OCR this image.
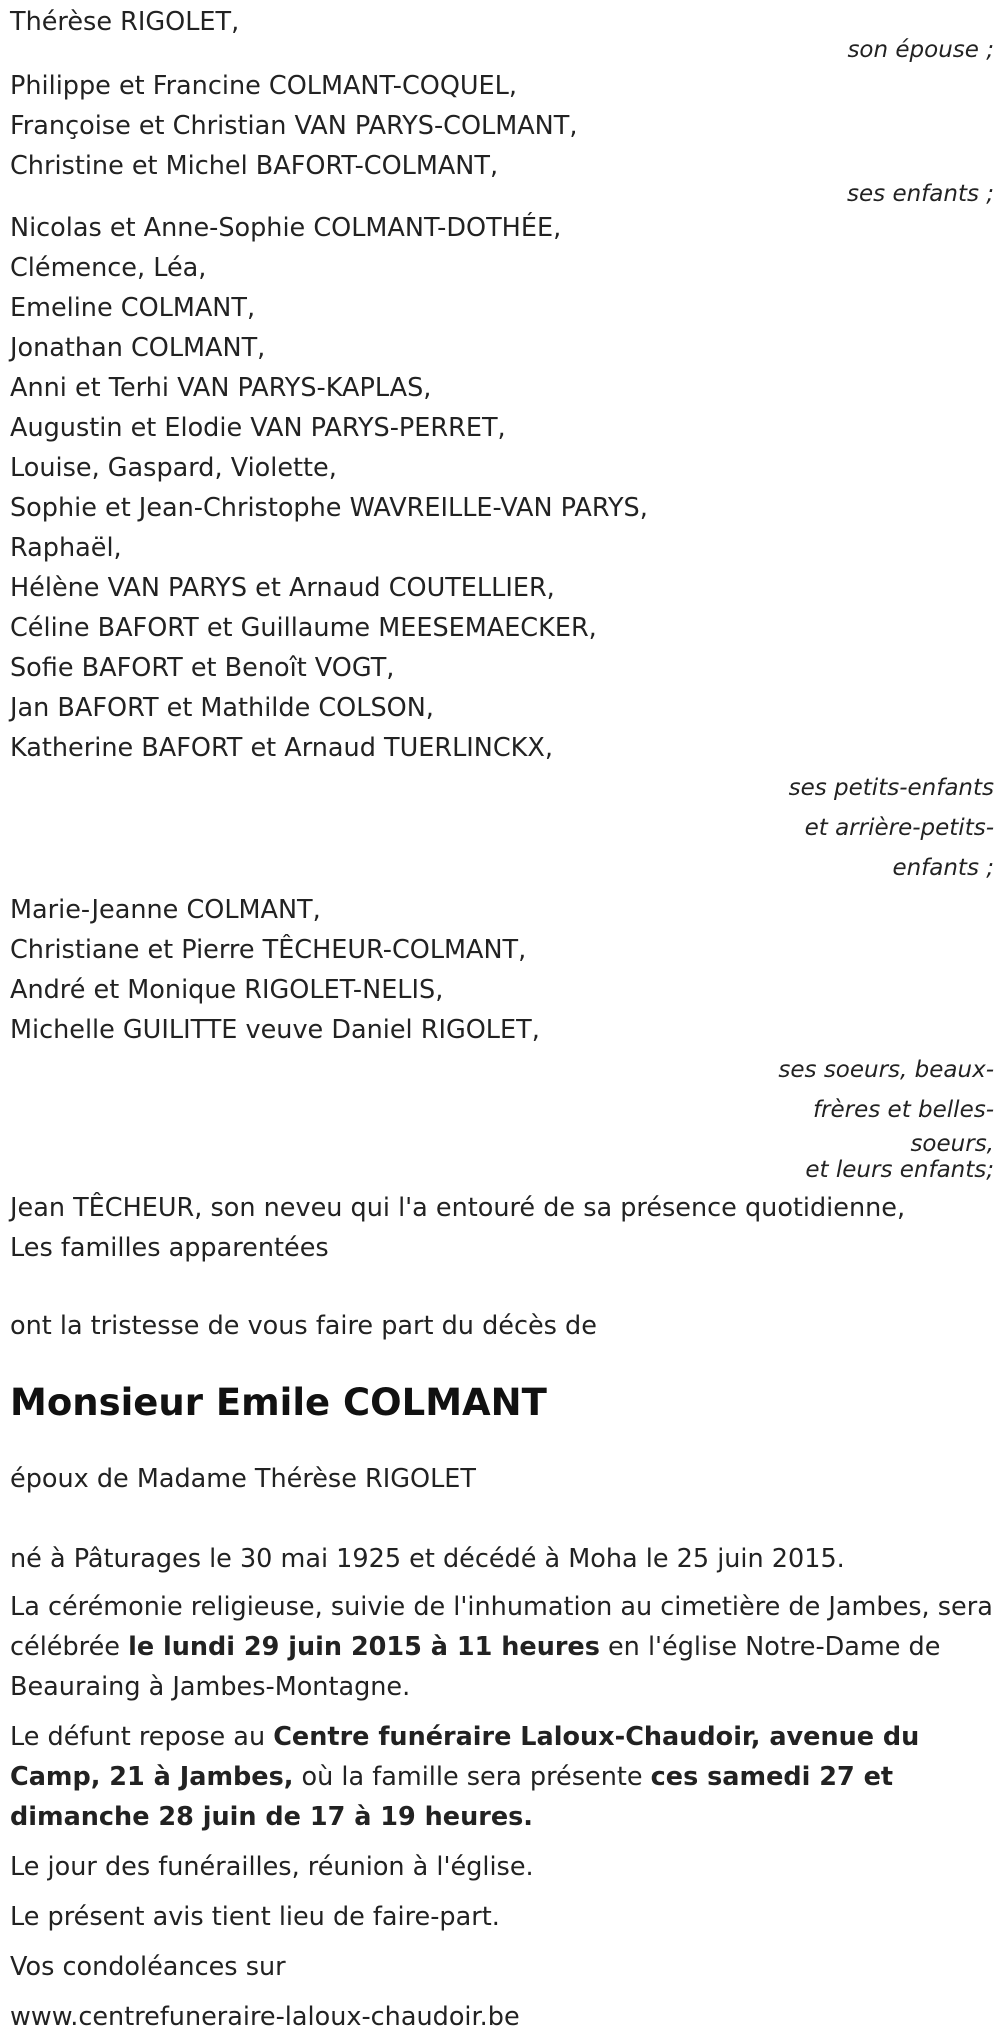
Thérèse RIGOLET,
son épouse ;
Philippe et Francine COLMANT-COQUEL,
Françoise et Christian VAN PARYS-COLMANT,
Christine et Michel BAFORT-COLMANT,
ses enfants ;
Nicolas et Anne-Sophie COLMANT-DOTHÉE,
Clémence, Léa,
Emeline COLMANT,
Jonathan COLMANT,
Anni et Terhi VAN PARYS-KAPLAS,
Augustin et Elodie VAN PARYS-PERRET,
Louise, Gaspard, Violette,
Sophie et Jean-Christophe WAVREILLE-VAN PARYS,
Raphaël,
Hélène VAN PARYS et Arnaud COUTELLIER,
Céline BAFORT et Guillaume MEESEMAECKER,
Sofie BAFORT et Benoît VOGT,
Jan BAFORT et Mathilde COLSON,
Katherine BAFORT et Arnaud TUERLINCKX,
ses petits-enfants
et arrière-petits-
enfants ;
Marie-Jeanne COLMANT,
Christiane et Pierre TÊCHEUR-COLMANT,
André et Monique RIGOLET-NELIS,
Michelle GUILITTE veuve Daniel RIGOLET,
ses soeurs, beaux-
frères et belles-
soeurs,
et leurs enfants;
Jean TÊCHEUR, son neveu qui l'a entouré de sa présence quotidienne,
Les familles apparentées
ont la tristesse de vous faire part du décès de
Monsieur Emile COLMANT
époux de Madame Thérèse RIGOLET
né à Pâturages le 30 mai 1925 et décédé à Moha le 25 juin 2015.
La cérémonie religieuse, suivie de l'inhumation au cimetière de Jambes, sera célébrée le lundi 29 juin 2015 à 11 heures en l'église Notre-Dame de Beauraing à Jambes-Montagne.
Le défunt repose au Centre funéraire Laloux-Chaudoir, avenue du Camp, 21 à Jambes, où la famille sera présente ces samedi 27 et dimanche 28 juin de 17 à 19 heures.
Le jour des funérailles, réunion à l'église.
Le présent avis tient lieu de faire-part.
Vos condoléances sur
www.centrefuneraire-laloux-chaudoir.be
